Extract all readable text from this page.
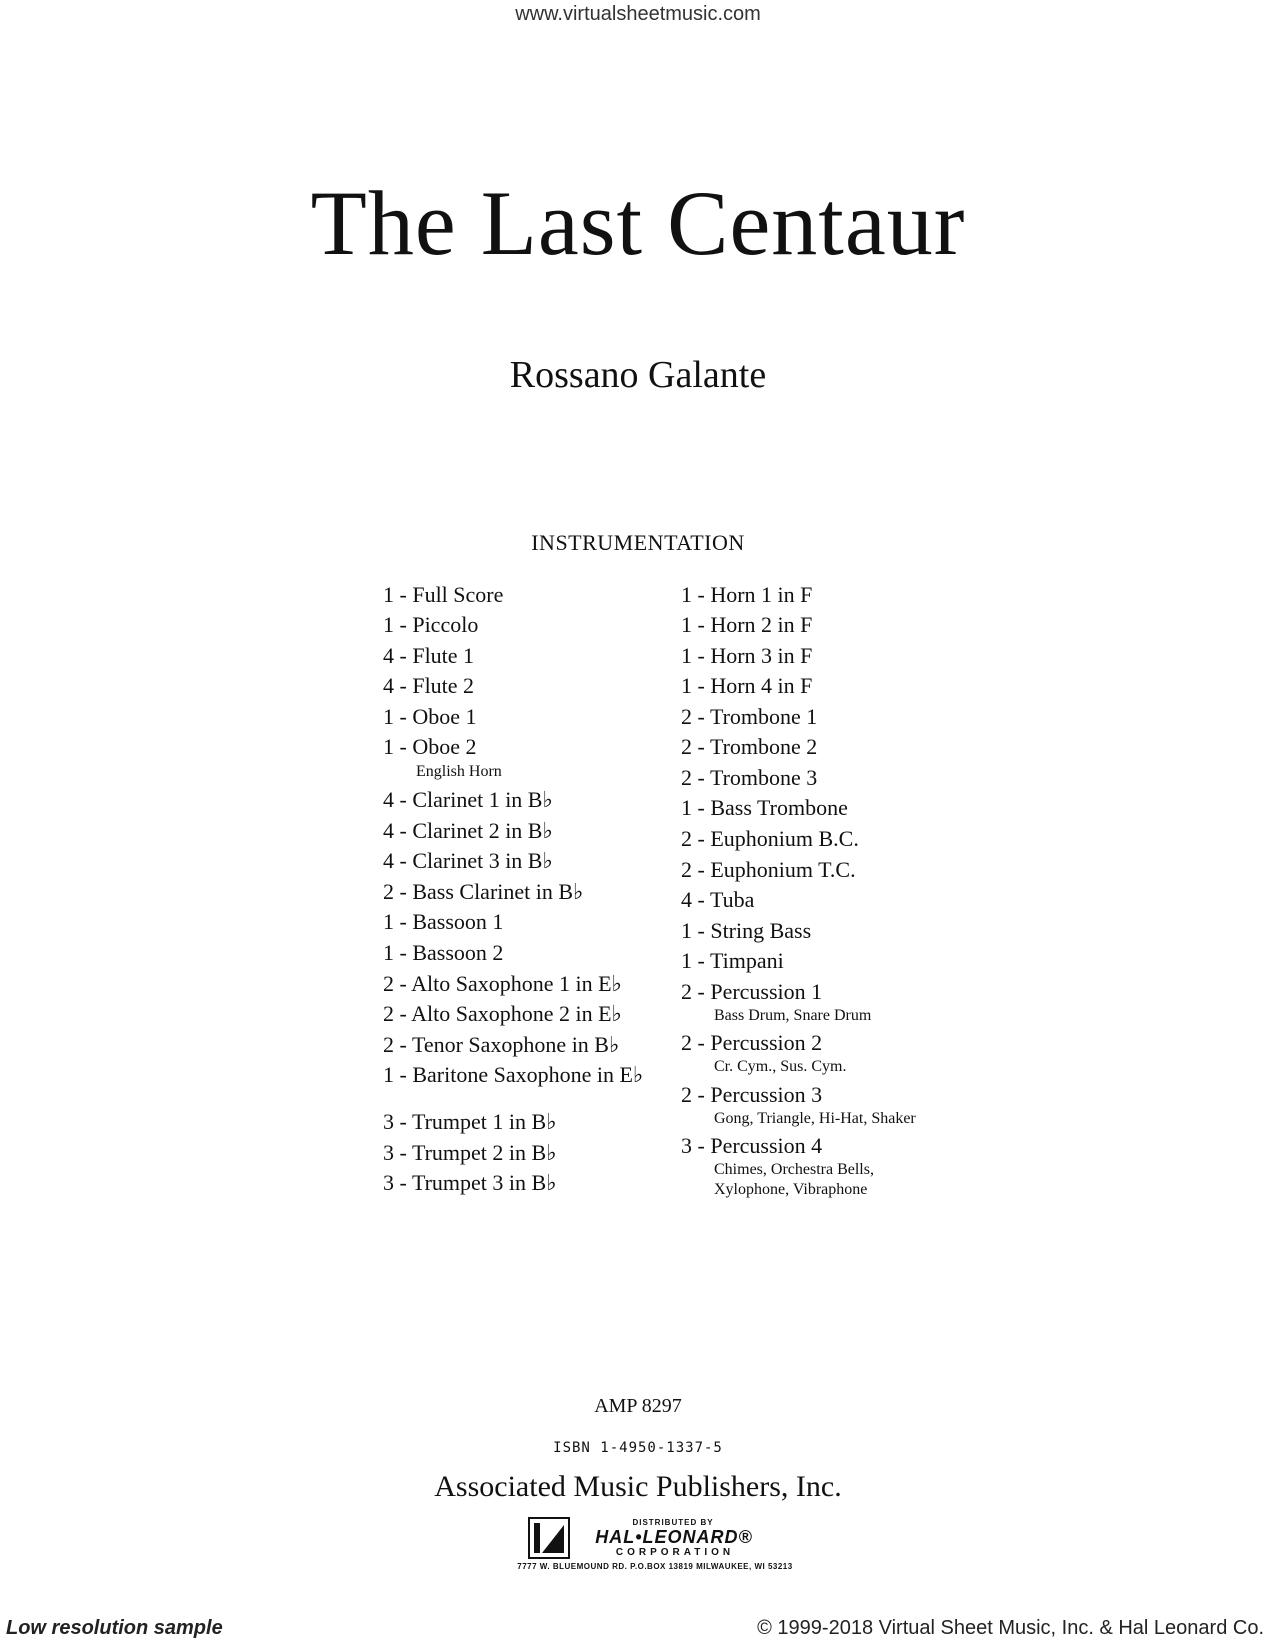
www.virtualsheetmusic.com
The Last Centaur
Rossano Galante
INSTRUMENTATION
1 - Full Score
1 - Piccolo
4 - Flute 1
4 - Flute 2
1 - Oboe 1
1 - Oboe 2
English Horn
4 - Clarinet 1 in B♭
4 - Clarinet 2 in B♭
4 - Clarinet 3 in B♭
2 - Bass Clarinet in B♭
1 - Bassoon 1
1 - Bassoon 2
2 - Alto Saxophone 1 in E♭
2 - Alto Saxophone 2 in E♭
2 - Tenor Saxophone in B♭
1 - Baritone Saxophone in E♭
3 - Trumpet 1 in B♭
3 - Trumpet 2 in B♭
3 - Trumpet 3 in B♭
1 - Horn 1 in F
1 - Horn 2 in F
1 - Horn 3 in F
1 - Horn 4 in F
2 - Trombone 1
2 - Trombone 2
2 - Trombone 3
1 - Bass Trombone
2 - Euphonium B.C.
2 - Euphonium T.C.
4 - Tuba
1 - String Bass
1 - Timpani
2 - Percussion 1
Bass Drum, Snare Drum
2 - Percussion 2
Cr. Cym., Sus. Cym.
2 - Percussion 3
Gong, Triangle, Hi-Hat, Shaker
3 - Percussion 4
Chimes, Orchestra Bells,
Xylophone, Vibraphone
AMP 8297
ISBN 1-4950-1337-5
Associated Music Publishers, Inc.
DISTRIBUTED BY
HAL•LEONARD®
CORPORATION
7777 W. BLUEMOUND RD. P.O.BOX 13819 MILWAUKEE, WI 53213
Low resolution sample	© 1999-2018 Virtual Sheet Music, Inc. & Hal Leonard Co.
